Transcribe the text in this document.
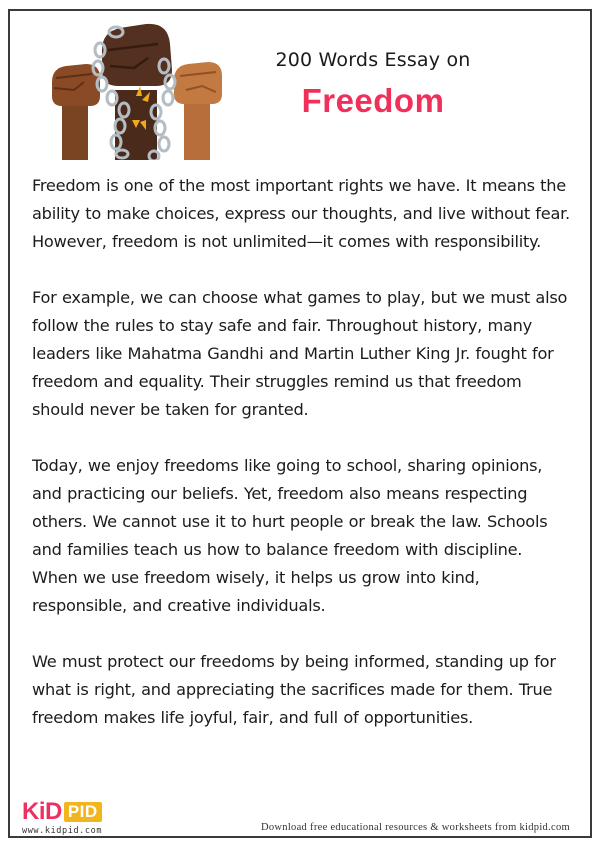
200 Words Essay on
Freedom

Freedom is one of the most important rights we have. It means the ability to make choices, express our thoughts, and live without fear. However, freedom is not unlimited—it comes with responsibility.

For example, we can choose what games to play, but we must also follow the rules to stay safe and fair. Throughout history, many leaders like Mahatma Gandhi and Martin Luther King Jr. fought for freedom and equality. Their struggles remind us that freedom should never be taken for granted.

Today, we enjoy freedoms like going to school, sharing opinions, and practicing our beliefs. Yet, freedom also means respecting others. We cannot use it to hurt people or break the law. Schools and families teach us how to balance freedom with discipline. When we use freedom wisely, it helps us grow into kind, responsible, and creative individuals.

We must protect our freedoms by being informed, standing up for what is right, and appreciating the sacrifices made for them. True freedom makes life joyful, fair, and full of opportunities.

KiD PID
www.kidpid.com	Download free educational resources & worksheets from kidpid.com
